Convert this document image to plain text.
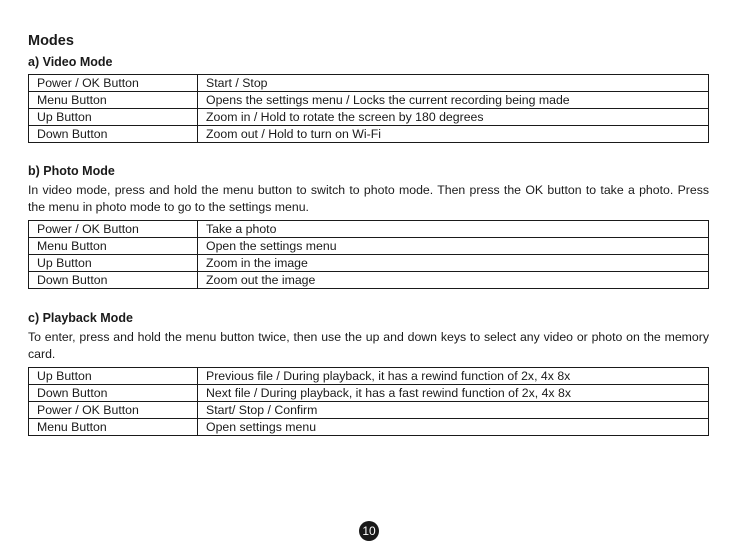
Modes
a) Video Mode
Power / OK Button	Start / Stop
Menu Button	Opens the settings menu / Locks the current recording being made
Up Button	Zoom in / Hold to rotate the screen by 180 degrees
Down Button	Zoom out / Hold to turn on Wi-Fi
b) Photo Mode

In video mode, press and hold the menu button to switch to photo mode. Then press the OK button to take a photo. Press the menu in photo mode to go to the settings menu.

Power / OK Button	Take a photo
Menu Button	Open the settings menu
Up Button	Zoom in the image
Down Button	Zoom out the image
c) Playback Mode

To enter, press and hold the menu button twice, then use the up and down keys to select any video or photo on the memory card.

Up Button	Previous file / During playback, it has a rewind function of 2x, 4x 8x
Down Button	Next file / During playback, it has a fast rewind function of 2x, 4x 8x
Power / OK Button	Start/ Stop / Confirm
Menu Button	Open settings menu
10
